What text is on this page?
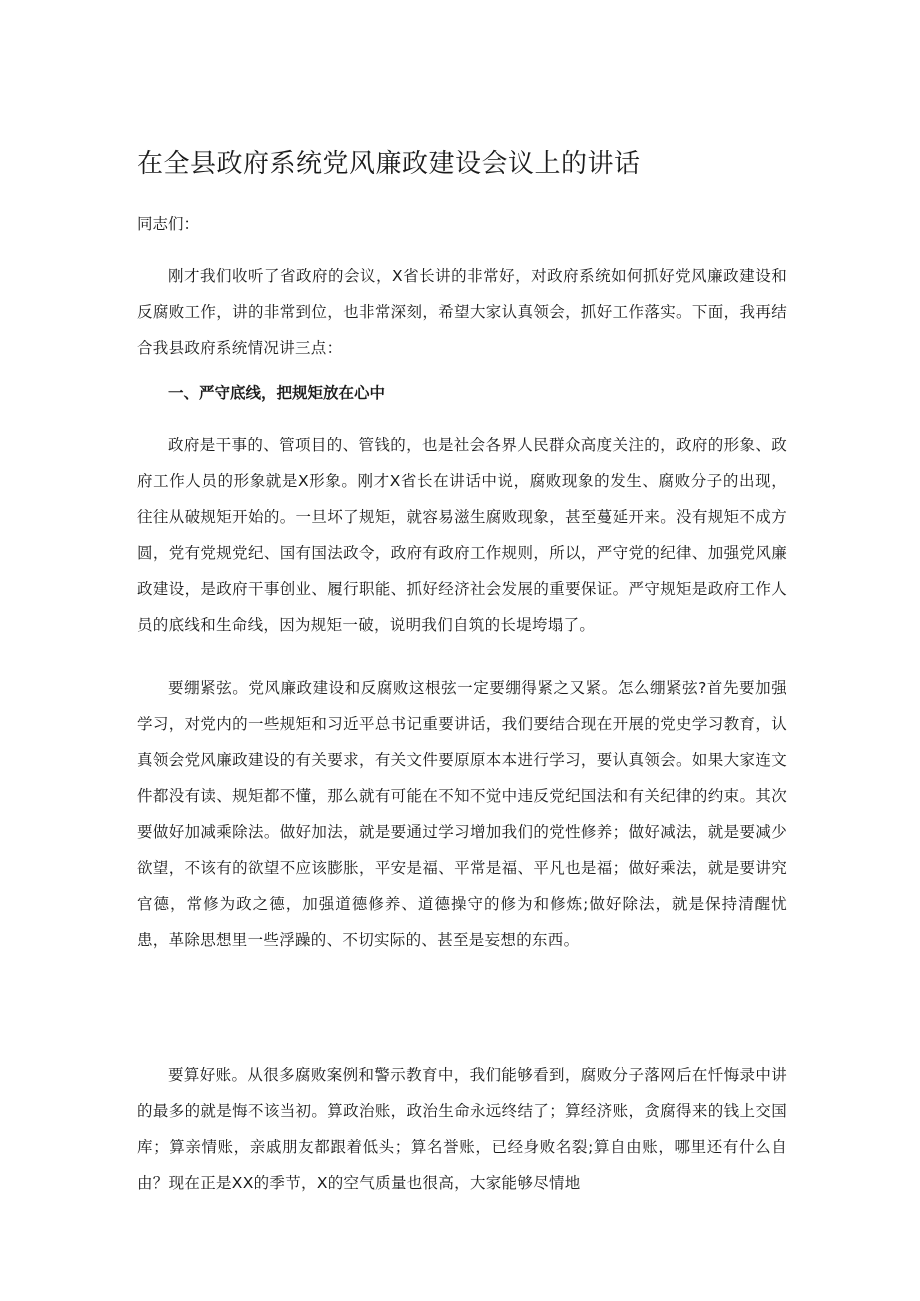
在全县政府系统党风廉政建设会议上的讲话

同志们：

刚才我们收听了省政府的会议，X省长讲的非常好，对政府系统如何抓好党风廉政建设和反腐败工作，讲的非常到位，也非常深刻，希望大家认真领会，抓好工作落实。下面，我再结合我县政府系统情况讲三点：

一、严守底线，把规矩放在心中

政府是干事的、管项目的、管钱的，也是社会各界人民群众高度关注的，政府的形象、政府工作人员的形象就是X形象。刚才X省长在讲话中说，腐败现象的发生、腐败分子的出现，往往从破规矩开始的。一旦坏了规矩，就容易滋生腐败现象，甚至蔓延开来。没有规矩不成方圆，党有党规党纪、国有国法政令，政府有政府工作规则，所以，严守党的纪律、加强党风廉政建设，是政府干事创业、履行职能、抓好经济社会发展的重要保证。严守规矩是政府工作人员的底线和生命线，因为规矩一破，说明我们自筑的长堤垮塌了。

要绷紧弦。党风廉政建设和反腐败这根弦一定要绷得紧之又紧。怎么绷紧弦?首先要加强学习，对党内的一些规矩和习近平总书记重要讲话，我们要结合现在开展的党史学习教育，认真领会党风廉政建设的有关要求，有关文件要原原本本进行学习，要认真领会。如果大家连文件都没有读、规矩都不懂，那么就有可能在不知不觉中违反党纪国法和有关纪律的约束。其次要做好加减乘除法。做好加法，就是要通过学习增加我们的党性修养；做好减法，就是要减少欲望，不该有的欲望不应该膨胀，平安是福、平常是福、平凡也是福；做好乘法，就是要讲究官德，常修为政之德，加强道德修养、道德操守的修为和修炼;做好除法，就是保持清醒忧患，革除思想里一些浮躁的、不切实际的、甚至是妄想的东西。

要算好账。从很多腐败案例和警示教育中，我们能够看到，腐败分子落网后在忏悔录中讲的最多的就是悔不该当初。算政治账，政治生命永远终结了；算经济账，贪腐得来的钱上交国库；算亲情账，亲戚朋友都跟着低头；算名誉账，已经身败名裂;算自由账，哪里还有什么自由？现在正是XX的季节，X的空气质量也很高，大家能够尽情地
